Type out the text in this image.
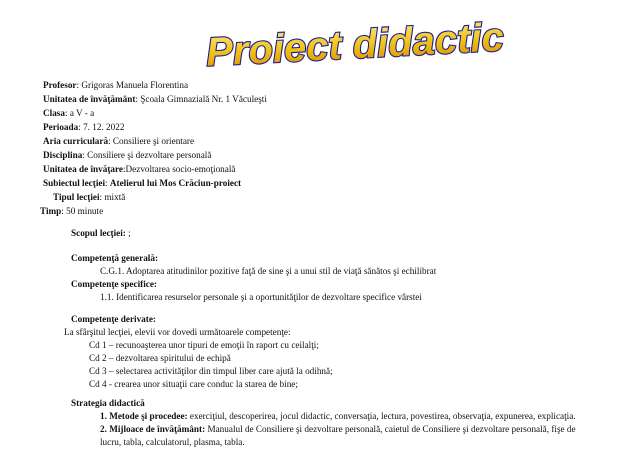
Proiect didactic
Profesor: Grigoras Manuela Florentina
Unitatea de învăţământ: Şcoala Gimnazială Nr. 1 Văculeşti
Clasa: a V - a
Perioada: 7. 12. 2022
Aria curriculară: Consiliere şi orientare
Disciplina: Consiliere şi dezvoltare personală
Unitatea de învăţare:Dezvoltarea socio-emoţională
Subiectul lecţiei: Atelierul lui Mos Crăciun-proiect
Tipul lecţiei: mixtă
Timp: 50 minute
Scopul lecţiei: ;
Competenţă generală:
C.G.1. Adoptarea atitudinilor pozitive faţă de sine şi a unui stil de viaţă sănătos şi echilibrat
Competenţe specifice:
1.1. Identificarea resurselor personale şi a oportunităţilor de dezvoltare specifice vârstei
Competenţe derivate:
La sfârşitul lecţiei, elevii vor dovedi următoarele competenţe:
Cd 1 – recunoaşterea unor tipuri de emoţii în raport cu ceilalţi;
Cd 2 – dezvoltarea spiritului de echipă
Cd 3 – selectarea activităţilor din timpul liber care ajută la odihnă;
Cd 4 - crearea unor situaţii care conduc la starea de bine;
Strategia didactică
1. Metode şi procedee: exerciţiul, descoperirea, jocul didactic, conversaţia, lectura, povestirea, observaţia, expunerea, explicaţia.
2. Mijloace de învăţământ: Manualul de Consiliere şi dezvoltare personală, caietul de Consiliere şi dezvoltare personală, fişe de
lucru, tabla, calculatorul, plasma, tabla.
